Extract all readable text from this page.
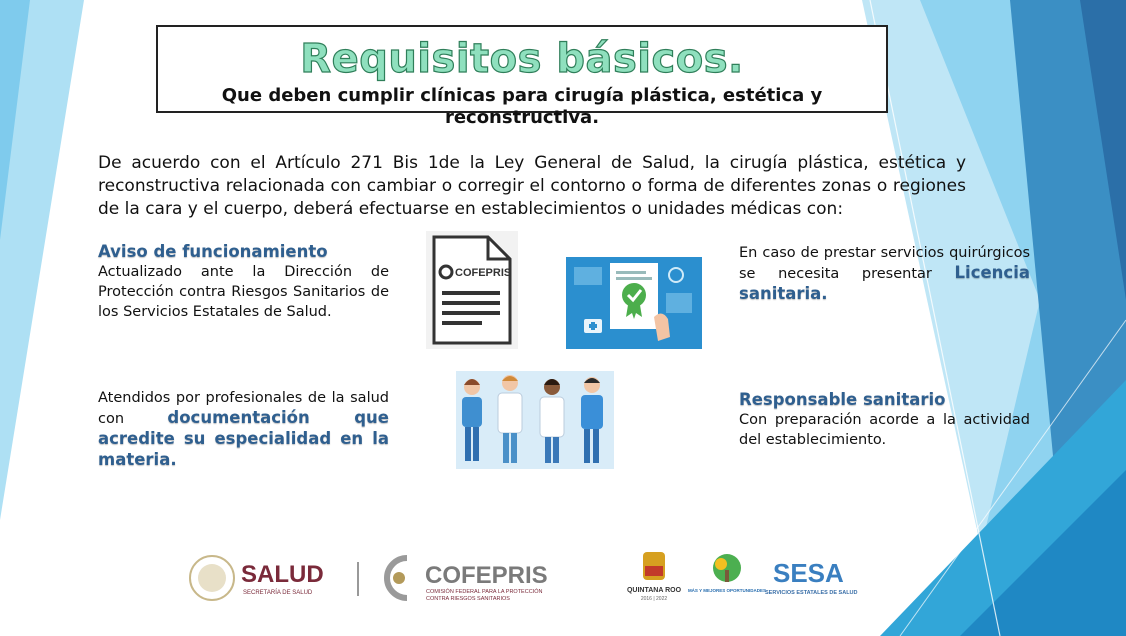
Requisitos básicos.
Que deben cumplir clínicas para cirugía plástica, estética y reconstructiva.
De acuerdo con el Artículo 271 Bis 1de la Ley General de Salud, la cirugía plástica, estética y reconstructiva relacionada con cambiar o corregir el contorno o forma de diferentes zonas o regiones de la cara y el cuerpo, deberá efectuarse en establecimientos o unidades médicas con:
Aviso de funcionamiento
Actualizado ante la Dirección de Protección contra Riesgos Sanitarios de los Servicios Estatales de Salud.
En caso de prestar servicios quirúrgicos se necesita presentar Licencia sanitaria.
Atendidos por profesionales de la salud con documentación que acredite su especialidad en la materia.
Responsable sanitario
Con preparación acorde a la actividad del establecimiento.
COFEPRIS
SALUD
SECRETARÍA DE SALUD
COFEPRIS
COMISIÓN FEDERAL PARA LA PROTECCIÓN
CONTRA RIESGOS SANITARIOS
QUINTANA ROO
2016 | 2022
MÁS Y MEJORES OPORTUNIDADES
SESA
SERVICIOS ESTATALES DE SALUD
